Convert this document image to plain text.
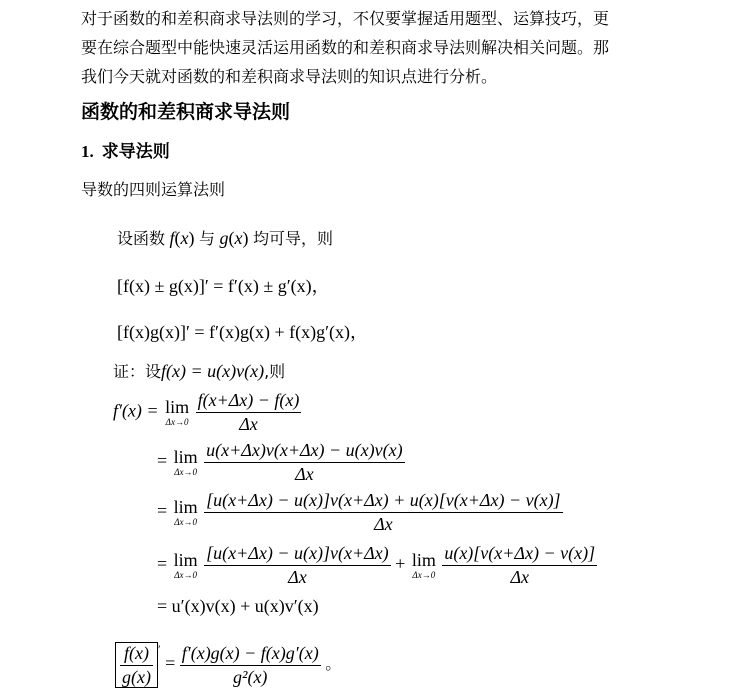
对于函数的和差积商求导法则的学习，不仅要掌握适用题型、运算技巧，更
要在综合题型中能快速灵活运用函数的和差积商求导法则解决相关问题。那
我们今天就对函数的和差积商求导法则的知识点进行分析。
函数的和差积商求导法则
1. 求导法则
导数的四则运算法则
设函数 f(x) 与 g(x) 均可导，则
[f(x) ± g(x)]′ = f′(x) ± g′(x)，
[f(x)g(x)]′ = f′(x)g(x) + f(x)g′(x)，
证：设f(x) = u(x)v(x),则
f′(x) = lim
Δx→0
$\frac{f(x+\Delta x) - f(x)}{\Delta x}$
= lim
Δx→0
$\frac{u(x+\Delta x)v(x+\Delta x) - u(x)v(x)}{\Delta x}$
= lim
Δx→0
$\frac{[u(x+\Delta x) - u(x)]v(x+\Delta x) + u(x)[v(x+\Delta x) - v(x)]}{\Delta x}$
= lim
Δx→0
$\frac{[u(x+\Delta x) - u(x)]v(x+\Delta x)}{\Delta x} + \lim$
Δx→0
$\frac{u(x)[v(x+\Delta x) - v(x)]}{\Delta x}$
= u′(x)v(x) + u(x)v′(x)
$\frac{f(x)}{g(x)} ' = \frac{f'(x)g(x) - f(x)g'(x)}{\text{g²(x)}}$ 。
